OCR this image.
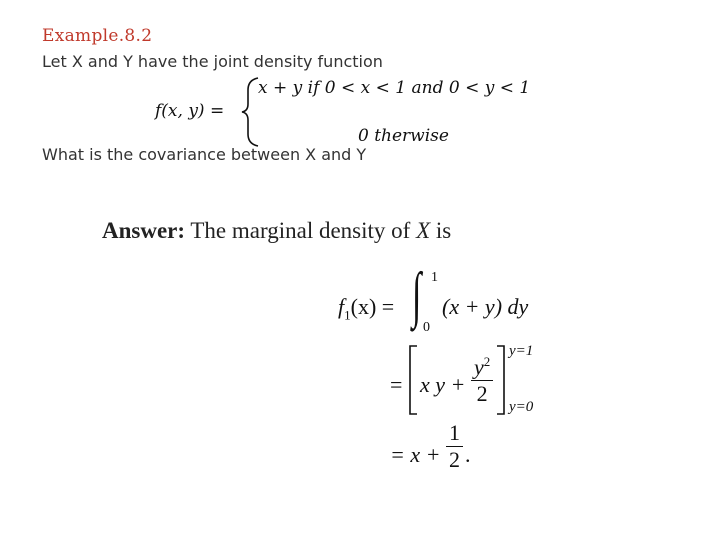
Example.8.2
Let X and Y have the joint density function
f(x, y) =
x + y if 0 < x < 1 and 0 < y < 1
0 therwise
What is the covariance between X and Y
Answer: The marginal density of X is
$f_1(x)$ = ∫ 1
0
(x + y) dy
= x $y + \frac{y^2}{2} y=1$
y=0
= $x + \frac{1}{2}$ .
